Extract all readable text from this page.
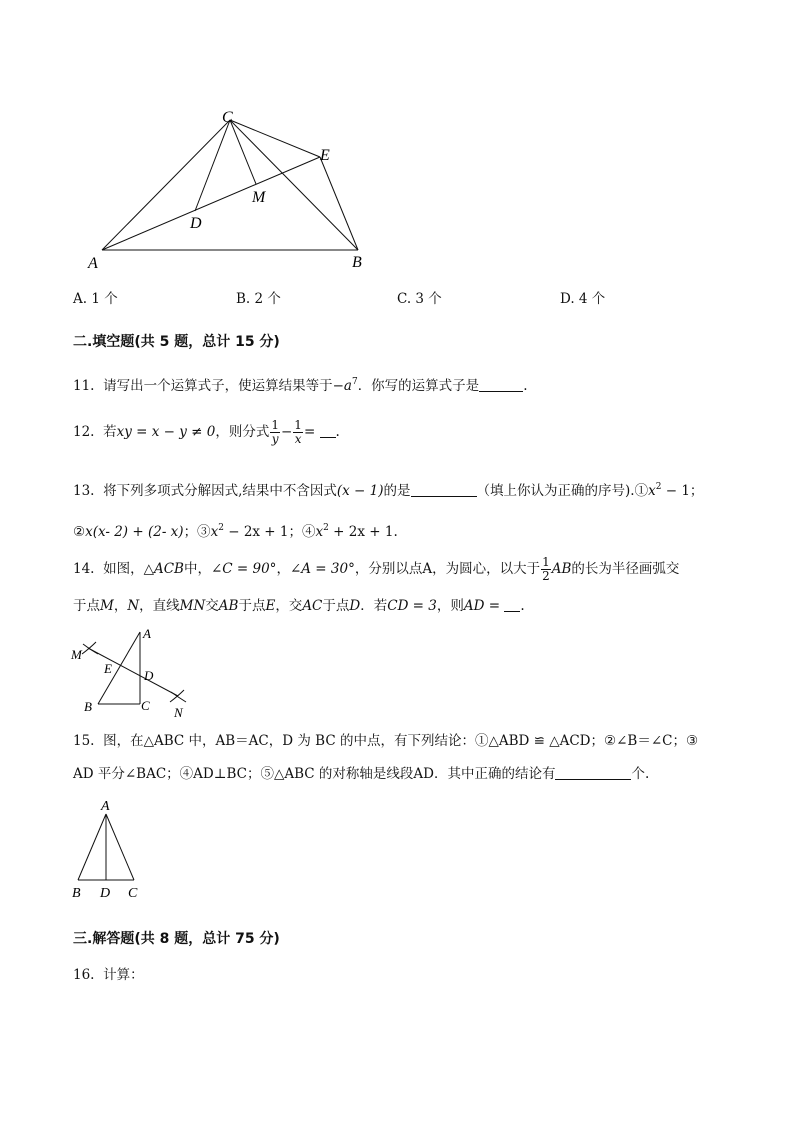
C
E
M
D
A	B
A. 1 个	B. 2 个	C. 3 个	D. 4 个
二.填空题(共 5 题，总计 15 分)
11. 请写出一个运算式子，使运算结果等于$-a^7$．你写的运算式子是	.
12. 若xy = x − y ≠ 0，则分式 $\frac{1}{y} - \frac{1}{x}$ = .
13. 将下列多项式分解因式,结果中不含因式(x − 1)的是	（填上你认为正确的序号)$.①x^2 - 1$；
②x(x- 2) + (2- x)；$③x^2 - 2x + 1$；$④x^2 + 2x + 1$.
14. 如图，△ACB中，∠C = 90°，∠A = 30°，分别以点A，为圆心，以大于 $\frac{1}{2}$ AB的长为半径画弧交
于点M，N，直线MN交AB于点E，交AC于点D．若CD = 3，则AD = .
A
M
E D
B	C N
15. 图，在△ABC 中，AB＝AC，D 为 BC 的中点，有下列结论：①△ABD ≌ △ACD；②∠B＝∠C；③
AD 平分∠BAC；④AD⊥BC；⑤△ABC 的对称轴是线段AD．其中正确的结论有	个.
A
B D C
三.解答题(共 8 题，总计 75 分)
16. 计算：
